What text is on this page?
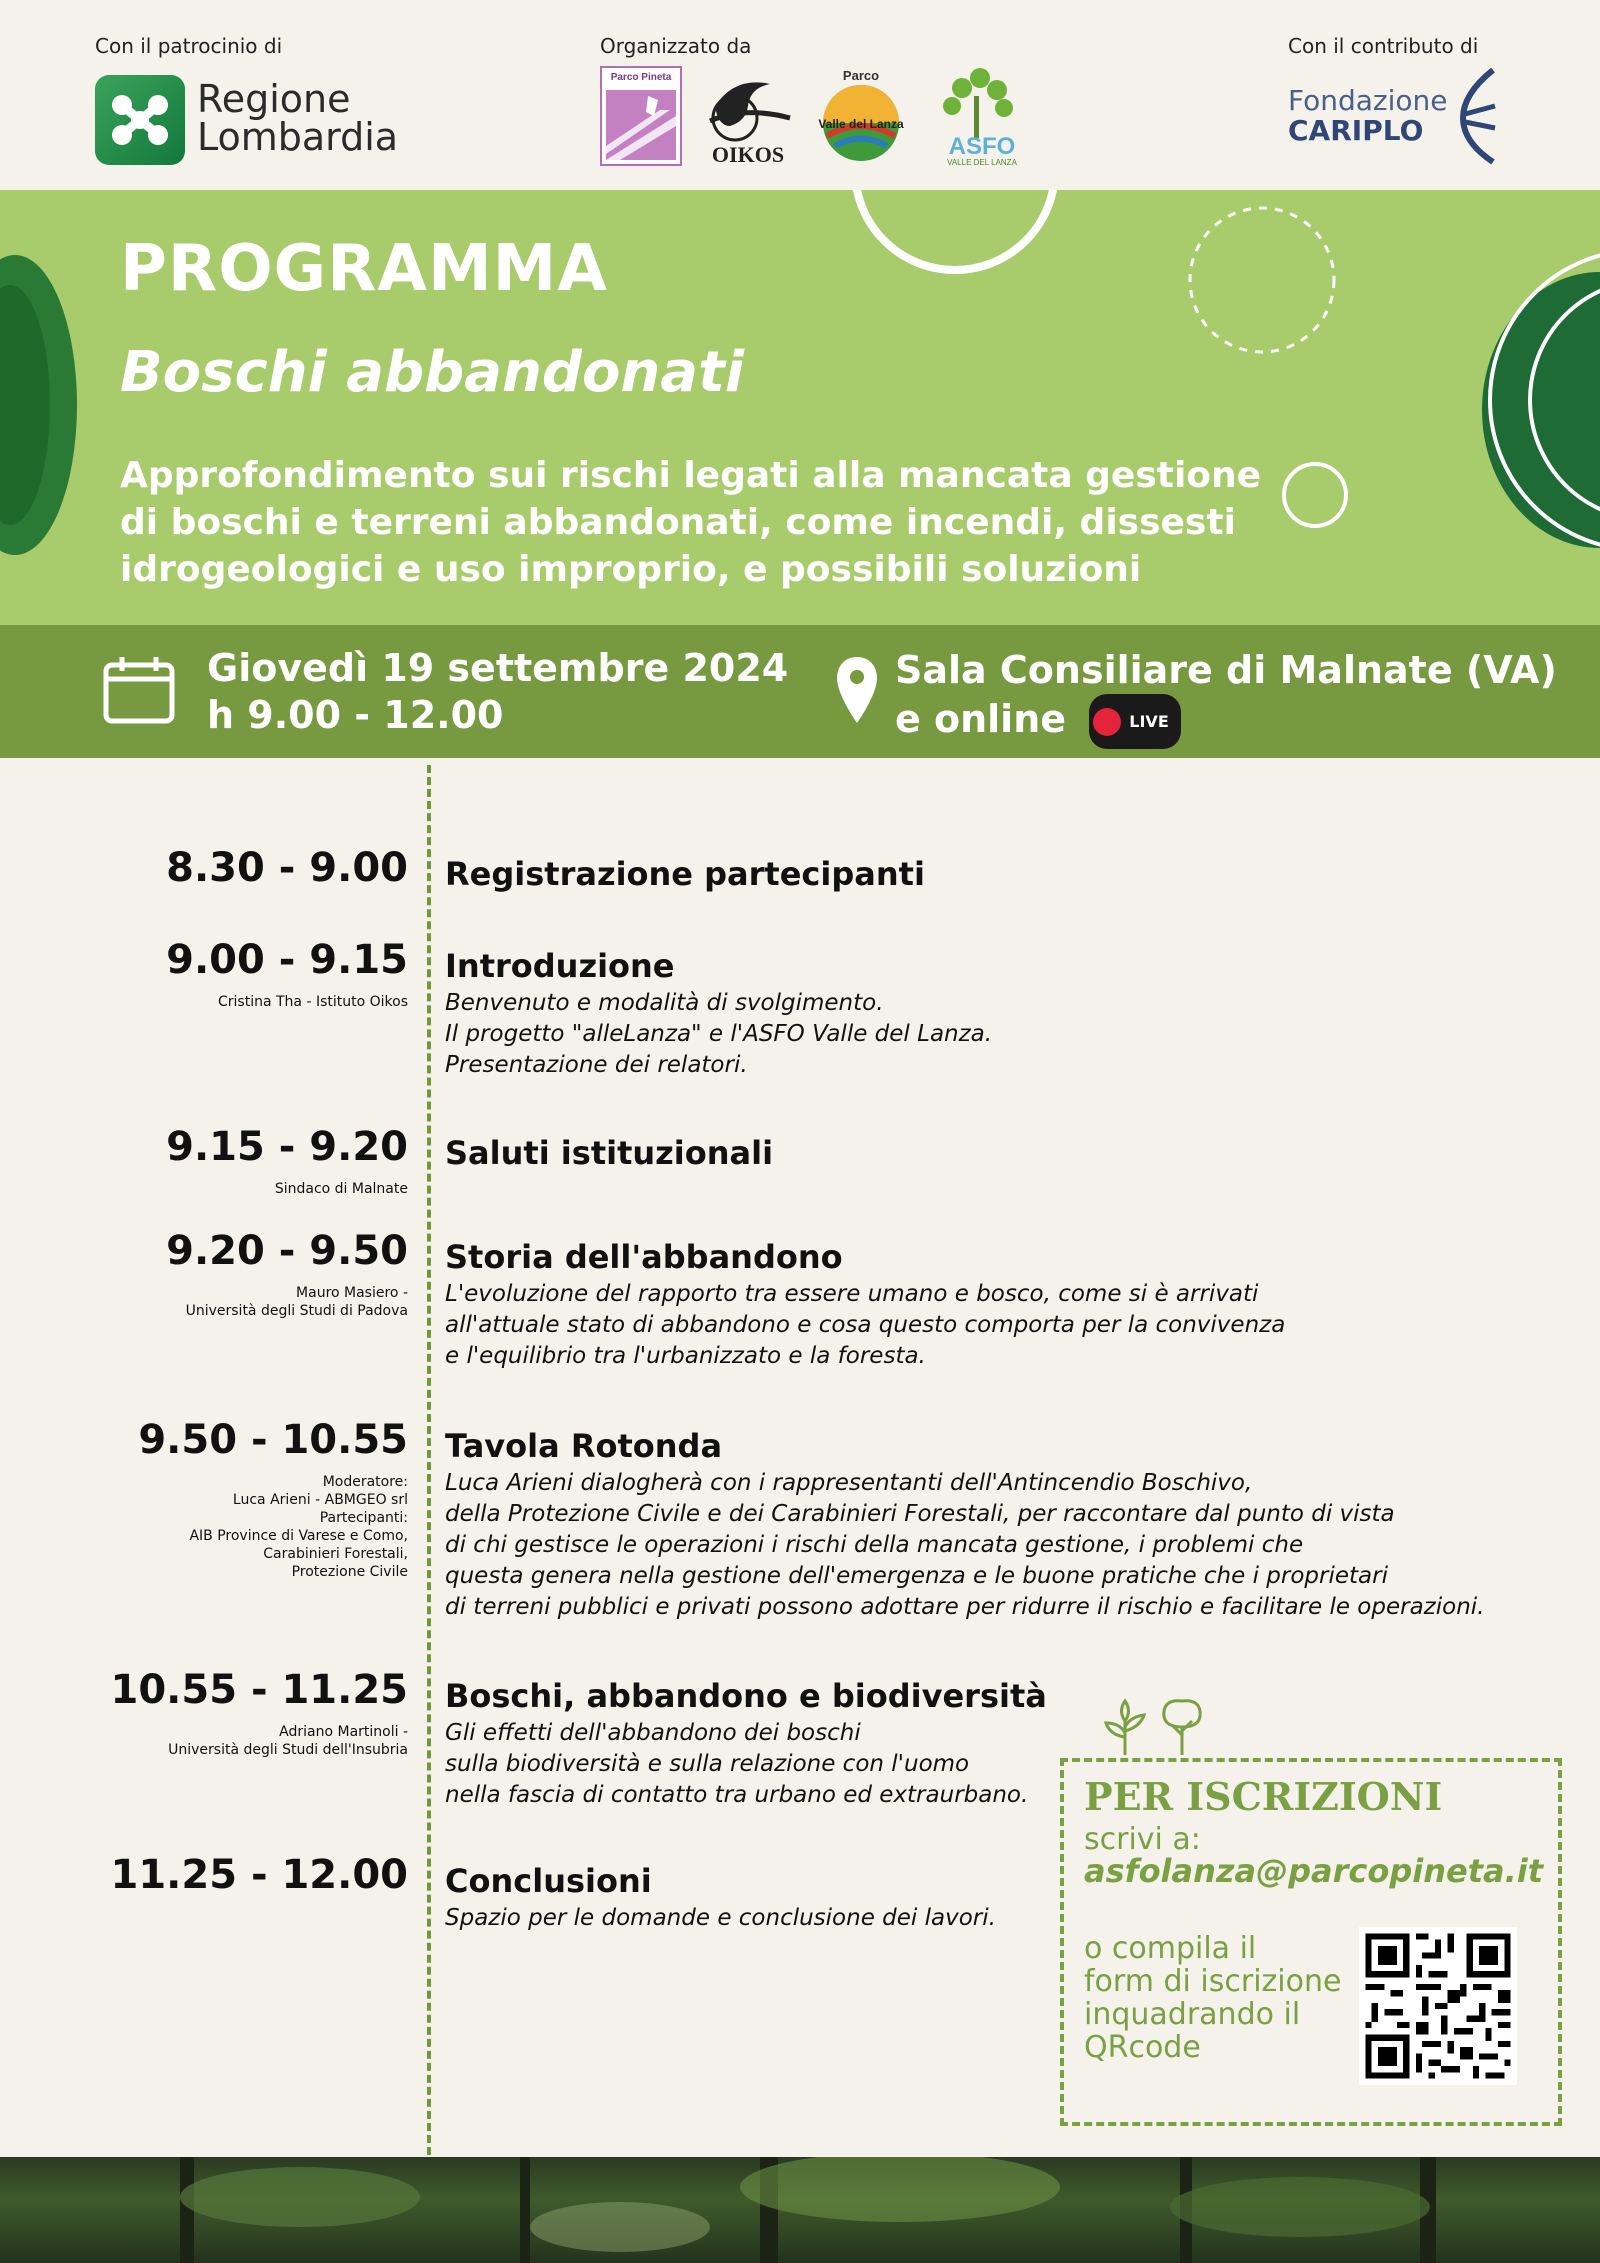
Con il patrocinio di
Regione
Lombardia
Organizzato da
Parco Pineta
OIKOS
Parco
Valle del Lanza
ASFO
VALLE DEL LANZA
Con il contributo di
Fondazione
CARIPLO
PROGRAMMA
Boschi abbandonati
Approfondimento sui rischi legati alla mancata gestione di boschi e terreni abbandonati, come incendi, dissesti idrogeologici e uso improprio, e possibili soluzioni
Giovedì 19 settembre 2024
h 9.00 - 12.00
Sala Consiliare di Malnate (VA)
e online	LIVE
8.30 - 9.00 Registrazione partecipanti
9.00 - 9.15
Cristina Tha - Istituto Oikos
Introduzione
Benvenuto e modalità di svolgimento.
Il progetto "alleLanza" e l'ASFO Valle del Lanza.
Presentazione dei relatori.
9.15 - 9.20
Sindaco di Malnate
Saluti istituzionali
9.20 - 9.50
Mauro Masiero -
Università degli Studi di Padova
Storia dell'abbandono
L'evoluzione del rapporto tra essere umano e bosco, come si è arrivati
all'attuale stato di abbandono e cosa questo comporta per la convivenza
e l'equilibrio tra l'urbanizzato e la foresta.
9.50 - 10.55
Moderatore:
Luca Arieni - ABMGEO srl
Partecipanti:
AIB Province di Varese e Como,
Carabinieri Forestali,
Protezione Civile
Tavola Rotonda
Luca Arieni dialogherà con i rappresentanti dell'Antincendio Boschivo,
della Protezione Civile e dei Carabinieri Forestali, per raccontare dal punto di vista
di chi gestisce le operazioni i rischi della mancata gestione, i problemi che
questa genera nella gestione dell'emergenza e le buone pratiche che i proprietari
di terreni pubblici e privati possono adottare per ridurre il rischio e facilitare le operazioni.
10.55 - 11.25
Adriano Martinoli -
Università degli Studi dell'Insubria
Boschi, abbandono e biodiversità
Gli effetti dell'abbandono dei boschi
sulla biodiversità e sulla relazione con l'uomo
nella fascia di contatto tra urbano ed extraurbano.
11.25 - 12.00 Conclusioni
Spazio per le domande e conclusione dei lavori.
PER ISCRIZIONI
scrivi a:
asfolanza@parcopineta.it
o compila il
form di iscrizione
inquadrando il
QRcode
